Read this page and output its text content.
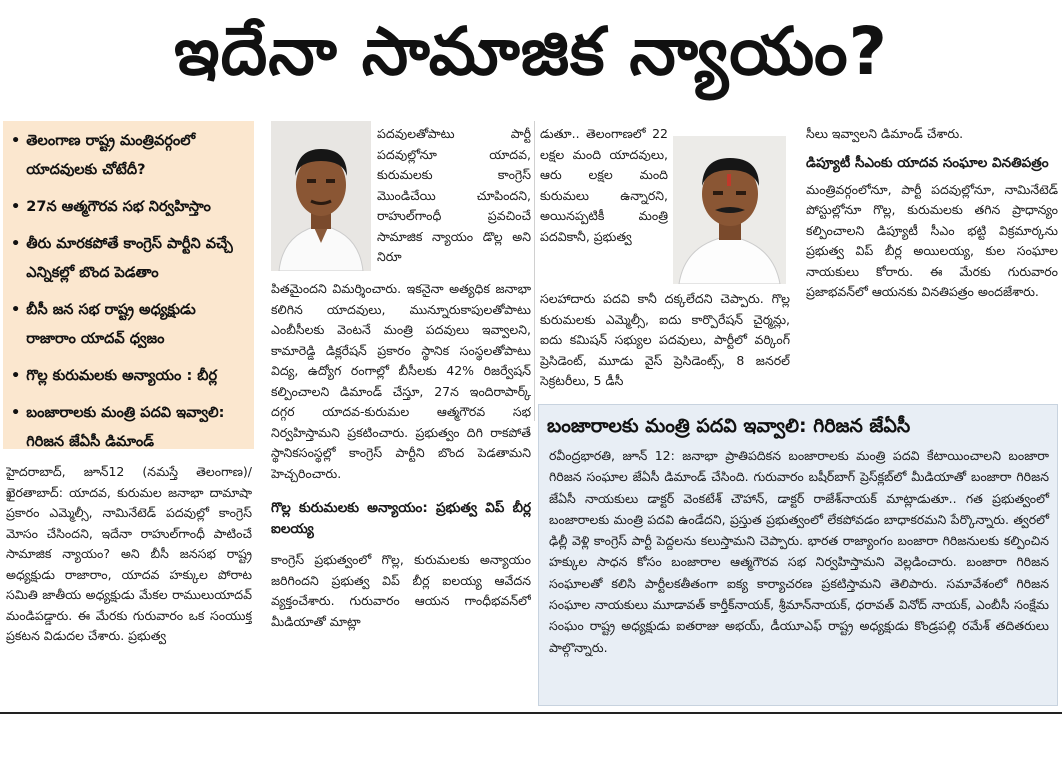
ఇదేనా సామాజిక న్యాయం?
• తెలంగాణ రాష్ట్ర మంత్రివర్గంలో యాదవులకు చోటేదీ?
• 27న ఆత్మగౌరవ సభ నిర్వహిస్తాం
• తీరు మారకపోతే కాంగ్రెస్ పార్టీని వచ్చే ఎన్నికల్లో బొంద పెడతాం
• బీసీ జన సభ రాష్ట్ర అధ్యక్షుడు రాజారాం యాదవ్ ధ్వజం
• గొల్ల కురుమలకు అన్యాయం : బీర్ల
• బంజారాలకు మంత్రి పదవి ఇవ్వాలి: గిరిజన జేఏసీ డిమాండ్

హైదరాబాద్, జూన్12 (నమస్తే తెలంగాణ)/ఖైరతాబాద్: యాదవ, కురుమల జనాభా దామాషా ప్రకారం ఎమ్మెల్సీ, నామినేటెడ్ పదవుల్లో కాంగ్రెస్ మోసం చేసిందని, ఇదేనా రాహుల్‌గాంధీ పాటించే సామాజిక న్యాయం? అని బీసీ జనసభ రాష్ట్ర అధ్యక్షుడు రాజారాం, యాదవ హక్కుల పోరాట సమితి జాతీయ అధ్యక్షుడు మేకల రాములుయాదవ్ మండిపడ్డారు. ఈ మేరకు గురువారం ఒక సంయుక్త ప్రకటన విడుదల చేశారు. ప్రభుత్వ

పదవులతోపాటు పార్టీ పదవుల్లోనూ యాదవ, కురుమలకు కాంగ్రెస్ మొండిచేయి చూపిందని, రాహుల్‌గాంధీ ప్రవచించే సామాజిక న్యాయం డొల్ల అని నిరూ

పితమైందని విమర్శించారు. ఇకనైనా అత్యధిక జనాభా కలిగిన యాదవులు, మున్నూరుకాపులతోపాటు ఎంబీసీలకు వెంటనే మంత్రి పదవులు ఇవ్వాలని, కామారెడ్డి డిక్లరేషన్ ప్రకారం స్థానిక సంస్థలతోపాటు విద్య, ఉద్యోగ రంగాల్లో బీసీలకు 42% రిజర్వేషన్ కల్పించాలని డిమాండ్ చేస్తూ, 27న ఇందిరాపార్క్ దగ్గర యాదవ-కురుమల ఆత్మగౌరవ సభ నిర్వహిస్తామని ప్రకటించారు. ప్రభుత్వం దిగి రాకపోతే స్థానికసంస్థల్లో కాంగ్రెస్ పార్టీని బొంద పెడతామని హెచ్చరించారు.

గొల్ల కురుమలకు అన్యాయం: ప్రభుత్వ విప్ బీర్ల ఐలయ్య

కాంగ్రెస్ ప్రభుత్వంలో గొల్ల, కురుమలకు అన్యాయం జరిగిందని ప్రభుత్వ విప్ బీర్ల ఐలయ్య ఆవేదన వ్యక్తంచేశారు. గురువారం ఆయన గాంధీభవన్‌లో మీడియాతో మాట్లా

డుతూ.. తెలంగాణలో 22 లక్షల మంది యాదవులు, ఆరు లక్షల మంది కురుమలు ఉన్నారని, అయినప్పటికీ మంత్రి పదవికానీ, ప్రభుత్వ

సలహాదారు పదవి కానీ దక్కలేదని చెప్పారు. గొల్ల కురుమలకు ఎమ్మెల్సీ, ఐదు కార్పొరేషన్ చైర్మన్లు, ఐదు కమిషన్ సభ్యుల పదవులు, పార్టీలో వర్కింగ్ ప్రెసిడెంట్, మూడు వైస్ ప్రెసిడెంట్స్, 8 జనరల్ సెక్రటరీలు, 5 డీసీ

సీలు ఇవ్వాలని డిమాండ్ చేశారు.

డిప్యూటీ సీఎంకు యాదవ సంఘాల వినతిపత్రం

మంత్రివర్గంలోనూ, పార్టీ పదవుల్లోనూ, నామినేటెడ్ పోస్టుల్లోనూ గొల్ల, కురుమలకు తగిన ప్రాధాన్యం కల్పించాలని డిప్యూటీ సీఎం భట్టి విక్రమార్కను ప్రభుత్వ విప్ బీర్ల అయిలయ్య, కుల సంఘాల నాయకులు కోరారు. ఈ మేరకు గురువారం ప్రజాభవన్‌లో ఆయనకు వినతిపత్రం అందజేశారు.

బంజారాలకు మంత్రి పదవి ఇవ్వాలి: గిరిజన జేఏసీ

రవీంద్రభారతి, జూన్ 12: జనాభా ప్రాతిపదికన బంజారాలకు మంత్రి పదవి కేటాయించాలని బంజారా గిరిజన సంఘాల జేఏసీ డిమాండ్ చేసింది. గురువారం బషీర్‌బాగ్ ప్రెస్‌క్లబ్‌లో మీడియాతో బంజారా గిరిజన జేఏసీ నాయకులు డాక్టర్ వెంకటేశ్ చౌహాన్, డాక్టర్ రాజేశ్‌నాయక్ మాట్లాడుతూ.. గత ప్రభుత్వంలో బంజారాలకు మంత్రి పదవి ఉండేదని, ప్రస్తుత ప్రభుత్వంలో లేకపోవడం బాధాకరమని పేర్కొన్నారు. త్వరలో ఢిల్లీ వెళ్లి కాంగ్రెస్ పార్టీ పెద్దలను కలుస్తామని చెప్పారు. భారత రాజ్యాంగం బంజారా గిరిజనులకు కల్పించిన హక్కుల సాధన కోసం బంజారాల ఆత్మగౌరవ సభ నిర్వహిస్తామని వెల్లడించారు. బంజారా గిరిజన సంఘాలతో కలిసి పార్టీలకతీతంగా ఐక్య కార్యాచరణ ప్రకటిస్తామని తెలిపారు. సమావేశంలో గిరిజన సంఘాల నాయకులు మూడావత్ కార్తీక్‌నాయక్, శ్రీమాన్‌నాయక్, ధరావత్ వినోద్ నాయక్, ఎంబీసీ సంక్షేమ సంఘం రాష్ట్ర అధ్యక్షుడు ఐతరాజు అభయ్, డీయూఎఫ్ రాష్ట్ర అధ్యక్షుడు కొండ్రపల్లి రమేశ్ తదితరులు పాల్గొన్నారు.
